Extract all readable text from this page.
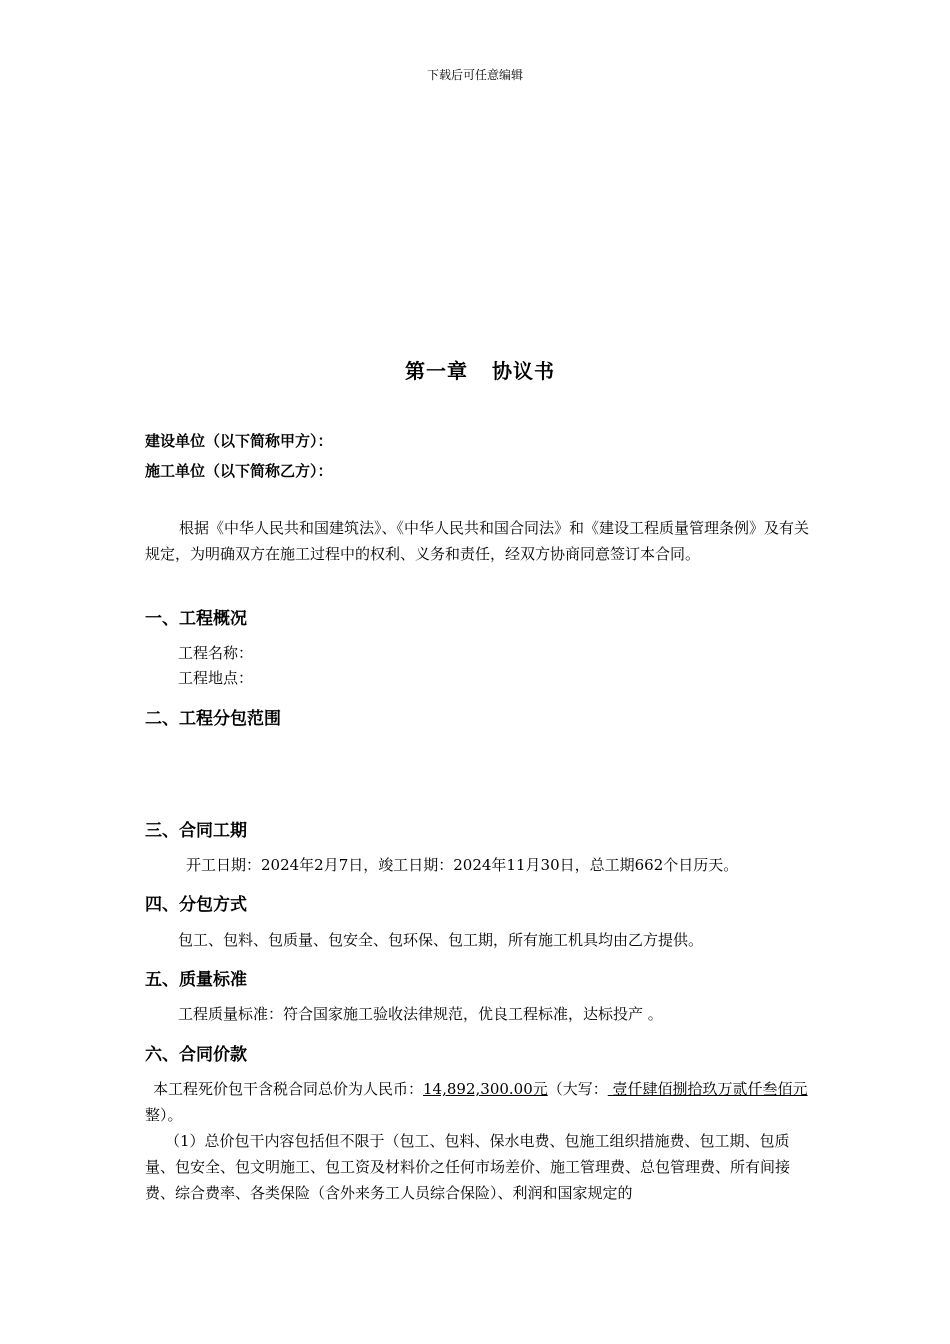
下载后可任意编辑
第一章 协议书
建设单位（以下简称甲方）：
施工单位（以下简称乙方）：
根据《中华人民共和国建筑法》、《中华人民共和国合同法》和《建设工程质量管理条例》及有关规定，为明确双方在施工过程中的权利、义务和责任，经双方协商同意签订本合同。
一、工程概况
工程名称：
工程地点：
二、工程分包范围
三、合同工期
开工日期：2024年2月7日，竣工日期：2024年11月30日，总工期662个日历天。
四、分包方式
包工、包料、包质量、包安全、包环保、包工期，所有施工机具均由乙方提供。
五、质量标准
工程质量标准：符合国家施工验收法律规范，优良工程标准，达标投产 。
六、合同价款
本工程死价包干含税合同总价为人民币：14,892,300.00元（大写： 壹仟肆佰捌拾玖万贰仟叁佰元整）。
（1）总价包干内容包括但不限于（包工、包料、保水电费、包施工组织措施费、包工期、包质量、包安全、包文明施工、包工资及材料价之任何市场差价、施工管理费、总包管理费、所有间接费、综合费率、各类保险（含外来务工人员综合保险）、利润和国家规定的
